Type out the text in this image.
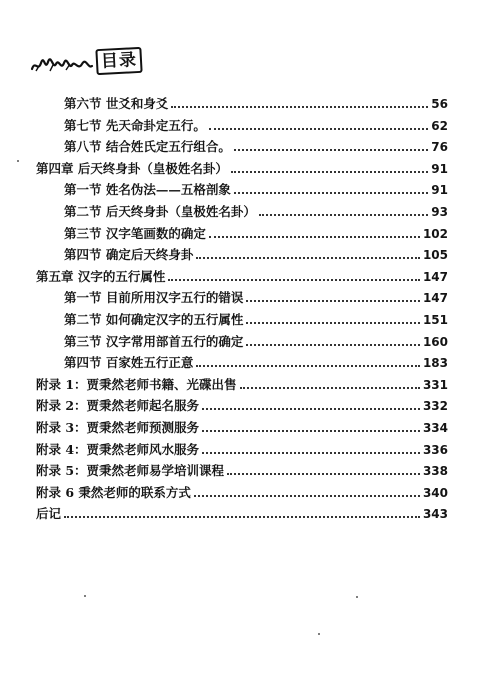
目录
第六节 世爻和身爻	56
第七节 先天命卦定五行。	62
第八节 结合姓氏定五行组合。	76
第四章 后天终身卦（皇极姓名卦）	91
第一节 姓名伪法——五格剖象	91
第二节 后天终身卦（皇极姓名卦）	93
第三节 汉字笔画数的确定	102
第四节 确定后天终身卦	105
第五章 汉字的五行属性	147
第一节 目前所用汉字五行的错误	147
第二节 如何确定汉字的五行属性	151
第三节 汉字常用部首五行的确定	160
第四节 百家姓五行正意	183
附录 1：贾秉然老师书籍、光碟出售	331
附录 2：贾秉然老师起名服务	332
附录 3：贾秉然老师预测服务	334
附录 4：贾秉然老师风水服务	336
附录 5：贾秉然老师易学培训课程	338
附录 6 秉然老师的联系方式	340
后记	343
